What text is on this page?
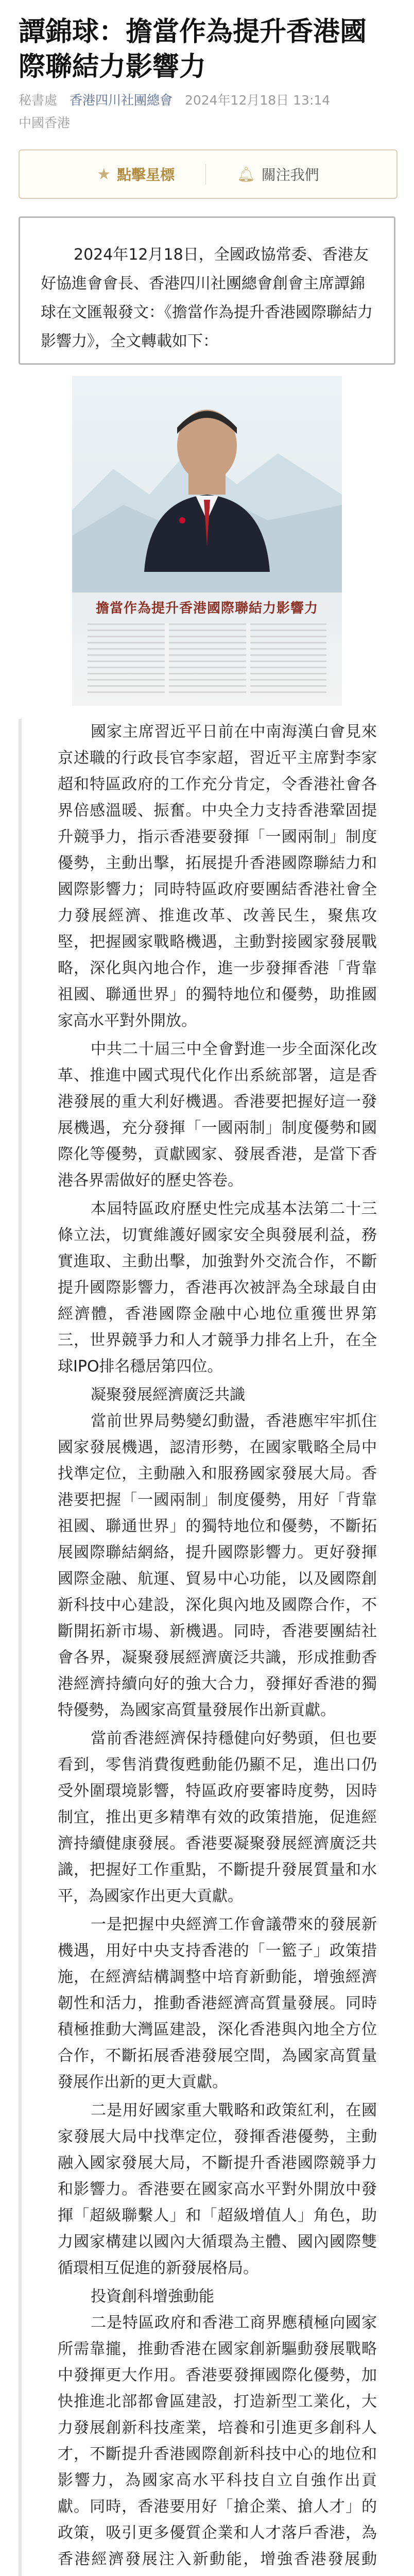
譚錦球：擔當作為提升香港國際聯結力影響力
秘書處 香港四川社團總會 2024年12月18日 13:14
中國香港
★ 點擊星標	🔔︎ 關注我們

2024年12月18日，全國政協常委、香港友好協進會會長、香港四川社團總會創會主席譚錦球在文匯報發文：《擔當作為提升香港國際聯結力影響力》，全文轉載如下：

擔當作為提升香港國際聯結力影響力

國家主席習近平日前在中南海漢白會見來京述職的行政長官李家超，習近平主席對李家超和特區政府的工作充分肯定，令香港社會各界倍感溫暖、振奮。中央全力支持香港鞏固提升競爭力，指示香港要發揮「一國兩制」制度優勢，主動出擊，拓展提升香港國際聯結力和國際影響力；同時特區政府要團結香港社會全力發展經濟、推進改革、改善民生，聚焦攻堅，把握國家戰略機遇，主動對接國家發展戰略，深化與內地合作，進一步發揮香港「背靠祖國、聯通世界」的獨特地位和優勢，助推國家高水平對外開放。

中共二十屆三中全會對進一步全面深化改革、推進中國式現代化作出系統部署，這是香港發展的重大利好機遇。香港要把握好這一發展機遇，充分發揮「一國兩制」制度優勢和國際化等優勢，貢獻國家、發展香港，是當下香港各界需做好的歷史答卷。

本屆特區政府歷史性完成基本法第二十三條立法，切實維護好國家安全與發展利益，務實進取、主動出擊，加強對外交流合作，不斷提升國際影響力，香港再次被評為全球最自由經濟體，香港國際金融中心地位重獲世界第三，世界競爭力和人才競爭力排名上升，在全球IPO排名穩居第四位。

凝聚發展經濟廣泛共識

當前世界局勢變幻動盪，香港應牢牢抓住國家發展機遇，認清形勢，在國家戰略全局中找準定位，主動融入和服務國家發展大局。香港要把握「一國兩制」制度優勢，用好「背靠祖國、聯通世界」的獨特地位和優勢，不斷拓展國際聯結網絡，提升國際影響力。更好發揮國際金融、航運、貿易中心功能，以及國際創新科技中心建設，深化與內地及國際合作，不斷開拓新市場、新機遇。同時，香港要團結社會各界，凝聚發展經濟廣泛共識，形成推動香港經濟持續向好的強大合力，發揮好香港的獨特優勢，為國家高質量發展作出新貢獻。

當前香港經濟保持穩健向好勢頭，但也要看到，零售消費復甦動能仍顯不足，進出口仍受外圍環境影響，特區政府要審時度勢，因時制宜，推出更多精準有效的政策措施，促進經濟持續健康發展。香港要凝聚發展經濟廣泛共識，把握好工作重點，不斷提升發展質量和水平，為國家作出更大貢獻。

一是把握中央經濟工作會議帶來的發展新機遇，用好中央支持香港的「一籃子」政策措施，在經濟結構調整中培育新動能，增強經濟韌性和活力，推動香港經濟高質量發展。同時積極推動大灣區建設，深化香港與內地全方位合作，不斷拓展香港發展空間，為國家高質量發展作出新的更大貢獻。

二是用好國家重大戰略和政策紅利，在國家發展大局中找準定位，發揮香港優勢，主動融入國家發展大局，不斷提升香港國際競爭力和影響力。香港要在國家高水平對外開放中發揮「超級聯繫人」和「超級增值人」角色，助力國家構建以國內大循環為主體、國內國際雙循環相互促進的新發展格局。

投資創科增強動能

二是特區政府和香港工商界應積極向國家所需靠攏，推動香港在國家創新驅動發展戰略中發揮更大作用。香港要發揮國際化優勢，加快推進北部都會區建設，打造新型工業化，大力發展創新科技產業，培養和引進更多創科人才，不斷提升香港國際創新科技中心的地位和影響力，為國家高水平科技自立自強作出貢獻。同時，香港要用好「搶企業、搶人才」的政策，吸引更多優質企業和人才落戶香港，為香港經濟發展注入新動能，增強香港發展動
